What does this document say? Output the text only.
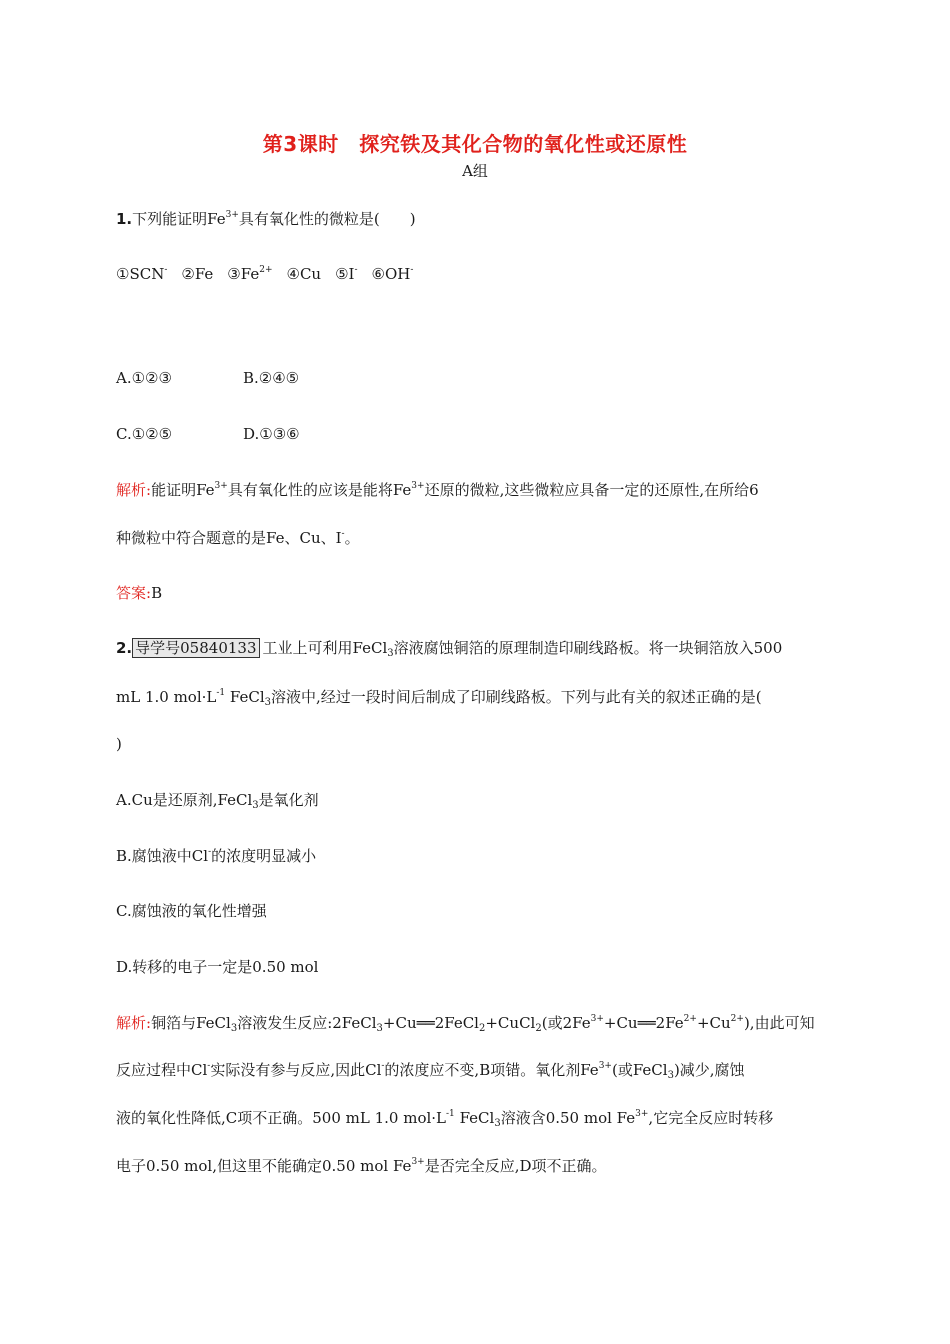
第3课时　探究铁及其化合物的氧化性或还原性
A组
1.下列能证明$Fe^{3+}$具有氧化性的微粒是(　　)
①SCN- ②Fe $③Fe^{2+}$ ④Cu ⑤I- ⑥OH-
A.①②③	B.②④⑤
C.①②⑤	D.①③⑥
解析:能证明$Fe^{3+}$具有氧化性的应该是能将$Fe^{3+}$还原的微粒,这些微粒应具备一定的还原性,在所给6
种微粒中符合题意的是Fe、Cu、I-。
答案:B
2. 导学号05840133 工业上可利用FeCl$_3$溶液腐蚀铜箔的原理制造印刷线路板。将一块铜箔放入500
mL 1.0 $mol\cdot L^{-1}$ FeCl$_3$溶液中,经过一段时间后制成了印刷线路板。下列与此有关的叙述正确的是(
)
A.Cu是还原剂,FeCl$_3$是氧化剂
B.腐蚀液中Cl-的浓度明显减小
C.腐蚀液的氧化性增强
D.转移的电子一定是0.50 mol
解析:铜箔与FeCl$_3$溶液发生反应:2FeCl$_3$+Cu══2FeCl$_2$+CuCl$_2$(或$2Fe^{3+}+Cu══2Fe^{2+}+Cu^{2+}$),由此可知
反应过程中Cl-实际没有参与反应,因此Cl-的浓度应不变,B项错。氧化剂$Fe^{3+}$(或FeCl$_3$)减少,腐蚀
液的氧化性降低,C项不正确。500 mL 1.0 $mol\cdot L^{-1}$ FeCl$_3$溶液含0.50 mol $Fe^{3+}$,它完全反应时转移
电子0.50 mol,但这里不能确定0.50 mol $Fe^{3+}$是否完全反应,D项不正确。
